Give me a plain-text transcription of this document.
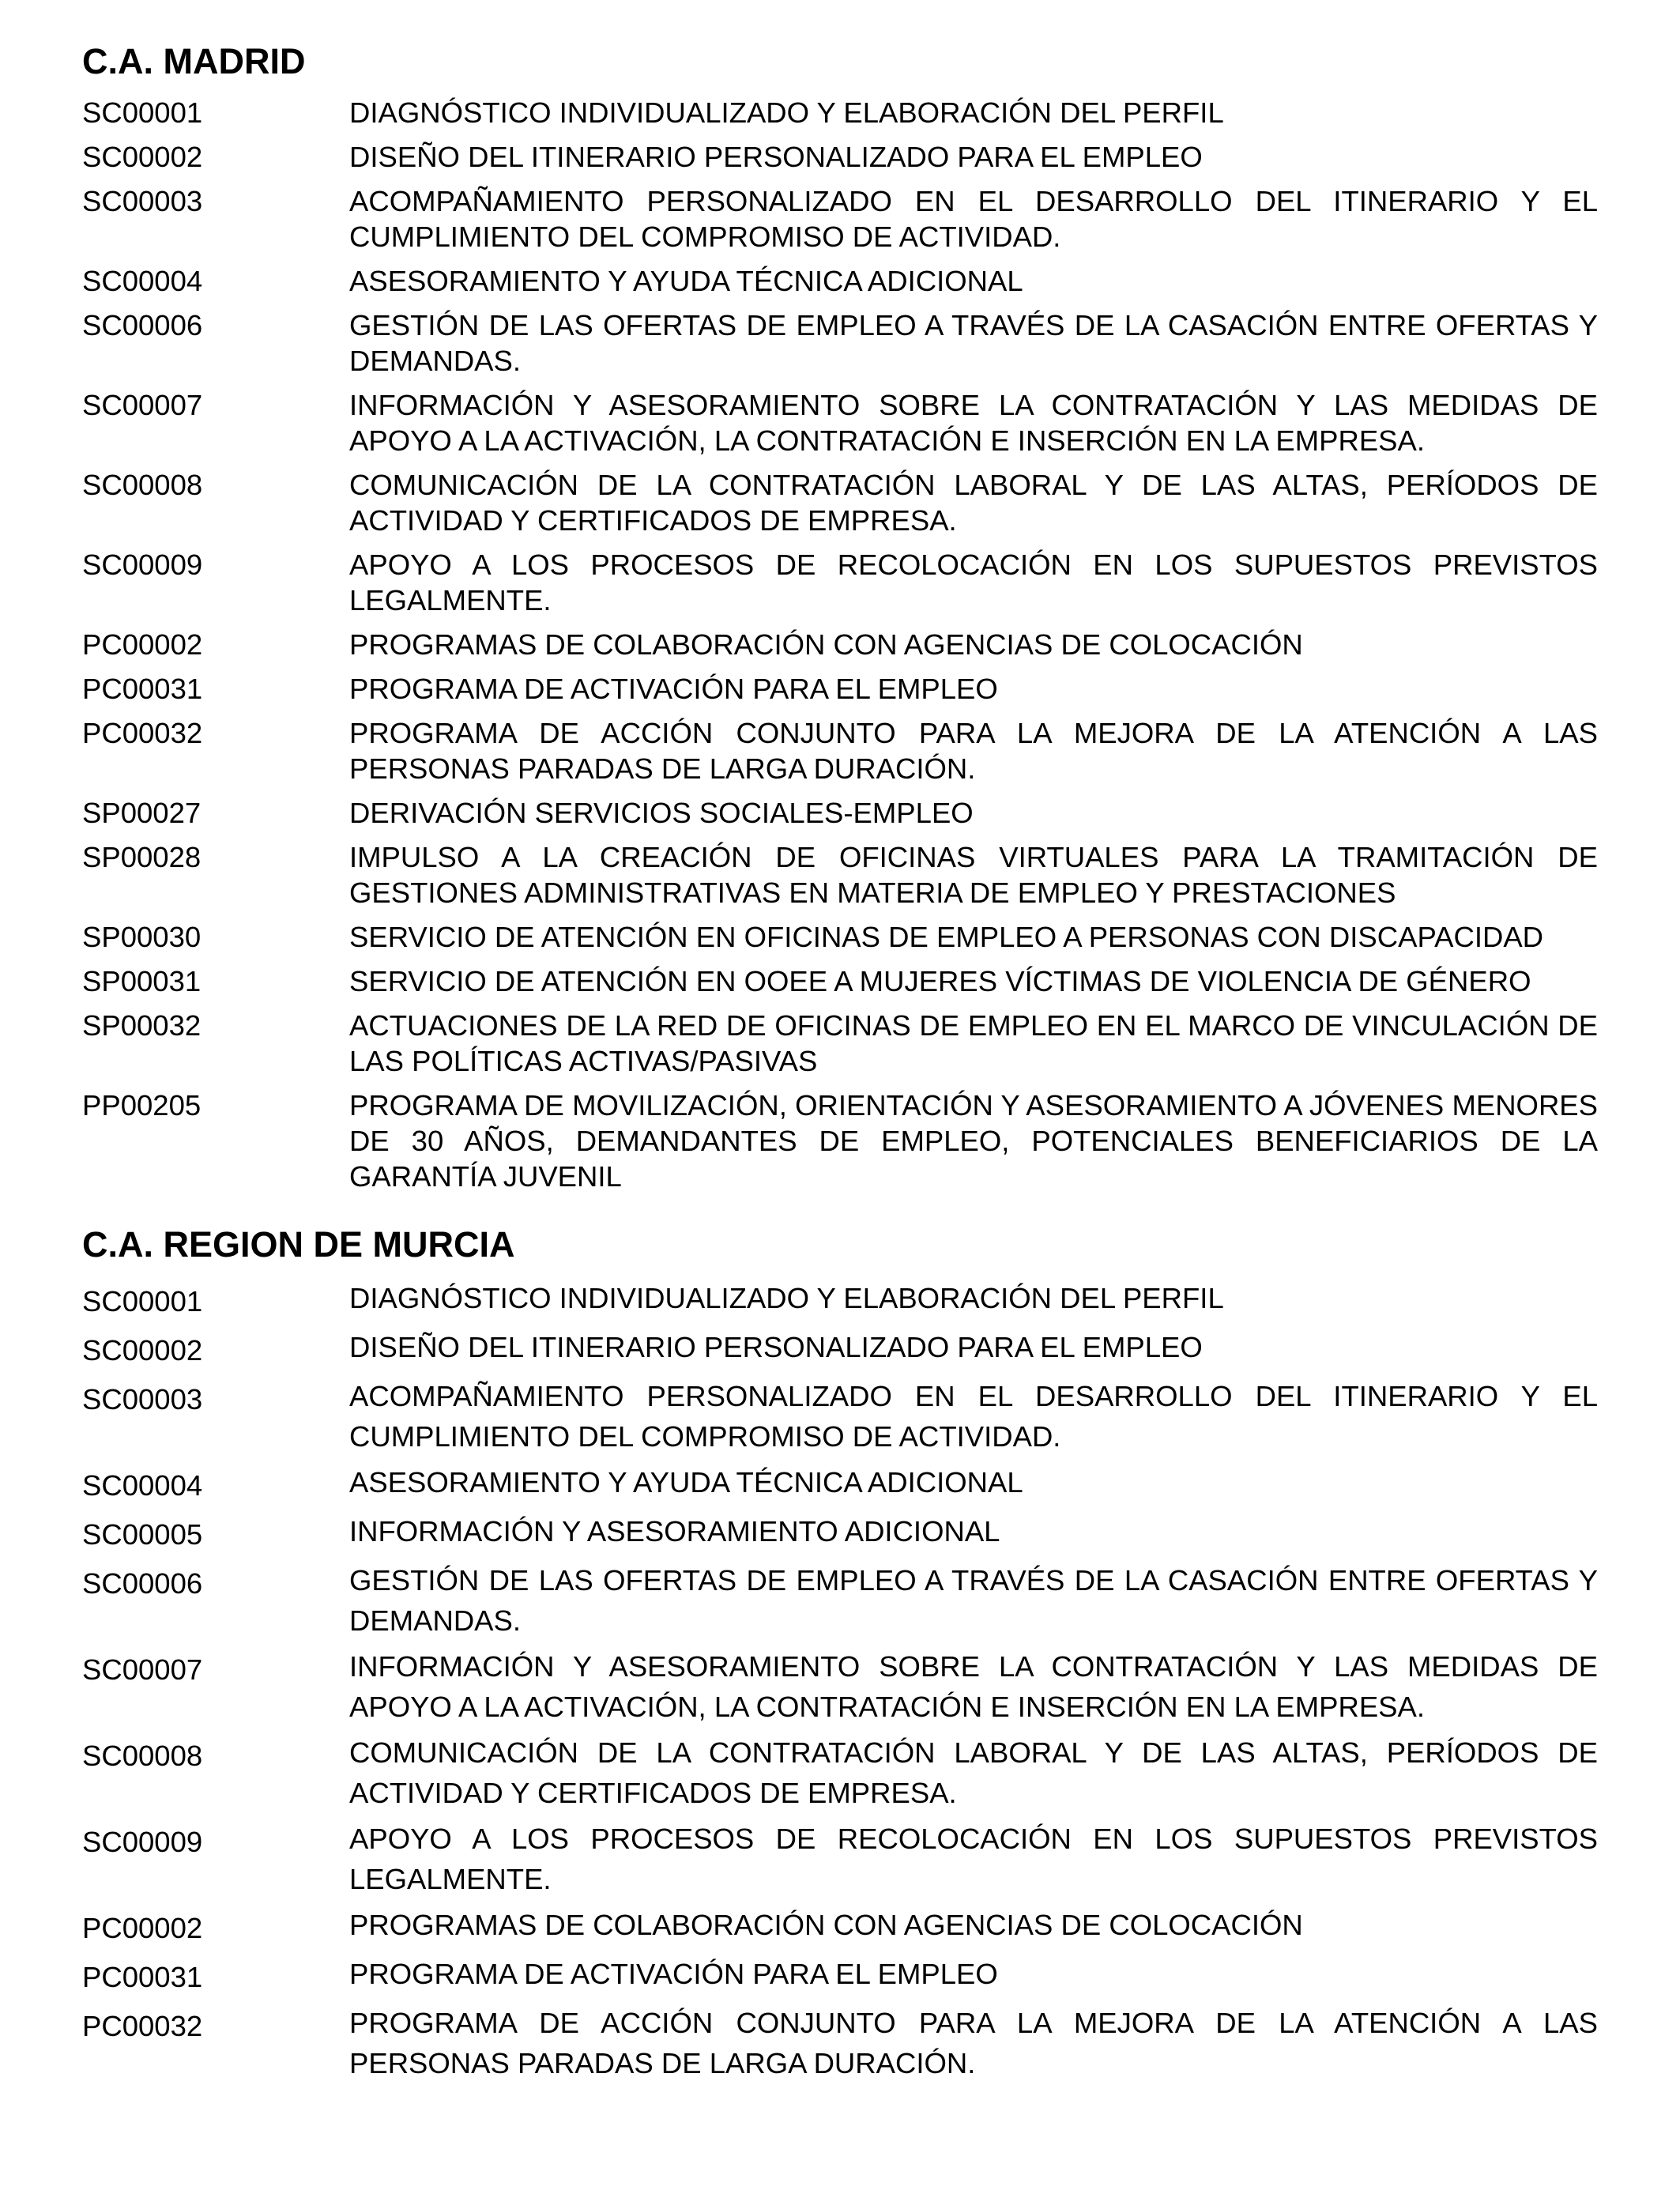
C.A. MADRID
SC00001	DIAGNÓSTICO INDIVIDUALIZADO Y ELABORACIÓN DEL PERFIL
SC00002	DISEÑO DEL ITINERARIO PERSONALIZADO PARA EL EMPLEO
SC00003	ACOMPAÑAMIENTO PERSONALIZADO EN EL DESARROLLO DEL ITINERARIO Y EL CUMPLIMIENTO DEL COMPROMISO DE ACTIVIDAD.
SC00004	ASESORAMIENTO Y AYUDA TÉCNICA ADICIONAL
SC00006	GESTIÓN DE LAS OFERTAS DE EMPLEO A TRAVÉS DE LA CASACIÓN ENTRE OFERTAS Y DEMANDAS.
SC00007	INFORMACIÓN Y ASESORAMIENTO SOBRE LA CONTRATACIÓN Y LAS MEDIDAS DE APOYO A LA ACTIVACIÓN, LA CONTRATACIÓN E INSERCIÓN EN LA EMPRESA.
SC00008	COMUNICACIÓN DE LA CONTRATACIÓN LABORAL Y DE LAS ALTAS, PERÍODOS DE ACTIVIDAD Y CERTIFICADOS DE EMPRESA.
SC00009	APOYO A LOS PROCESOS DE RECOLOCACIÓN EN LOS SUPUESTOS PREVISTOS LEGALMENTE.
PC00002	PROGRAMAS DE COLABORACIÓN CON AGENCIAS DE COLOCACIÓN
PC00031	PROGRAMA DE ACTIVACIÓN PARA EL EMPLEO
PC00032	PROGRAMA DE ACCIÓN CONJUNTO PARA LA MEJORA DE LA ATENCIÓN A LAS PERSONAS PARADAS DE LARGA DURACIÓN.
SP00027	DERIVACIÓN SERVICIOS SOCIALES-EMPLEO
SP00028	IMPULSO A LA CREACIÓN DE OFICINAS VIRTUALES PARA LA TRAMITACIÓN DE GESTIONES ADMINISTRATIVAS EN MATERIA DE EMPLEO Y PRESTACIONES
SP00030	SERVICIO DE ATENCIÓN EN OFICINAS DE EMPLEO A PERSONAS CON DISCAPACIDAD
SP00031	SERVICIO DE ATENCIÓN EN OOEE A MUJERES VÍCTIMAS DE VIOLENCIA DE GÉNERO
SP00032	ACTUACIONES DE LA RED DE OFICINAS DE EMPLEO EN EL MARCO DE VINCULACIÓN DE LAS POLÍTICAS ACTIVAS/PASIVAS
PP00205	PROGRAMA DE MOVILIZACIÓN, ORIENTACIÓN Y ASESORAMIENTO A JÓVENES MENORES DE 30 AÑOS, DEMANDANTES DE EMPLEO, POTENCIALES BENEFICIARIOS DE LA GARANTÍA JUVENIL
C.A. REGION DE MURCIA
SC00001	DIAGNÓSTICO INDIVIDUALIZADO Y ELABORACIÓN DEL PERFIL
SC00002	DISEÑO DEL ITINERARIO PERSONALIZADO PARA EL EMPLEO
SC00003	ACOMPAÑAMIENTO PERSONALIZADO EN EL DESARROLLO DEL ITINERARIO Y EL CUMPLIMIENTO DEL COMPROMISO DE ACTIVIDAD.
SC00004	ASESORAMIENTO Y AYUDA TÉCNICA ADICIONAL
SC00005	INFORMACIÓN Y ASESORAMIENTO ADICIONAL
SC00006	GESTIÓN DE LAS OFERTAS DE EMPLEO A TRAVÉS DE LA CASACIÓN ENTRE OFERTAS Y DEMANDAS.
SC00007	INFORMACIÓN Y ASESORAMIENTO SOBRE LA CONTRATACIÓN Y LAS MEDIDAS DE APOYO A LA ACTIVACIÓN, LA CONTRATACIÓN E INSERCIÓN EN LA EMPRESA.
SC00008	COMUNICACIÓN DE LA CONTRATACIÓN LABORAL Y DE LAS ALTAS, PERÍODOS DE ACTIVIDAD Y CERTIFICADOS DE EMPRESA.
SC00009	APOYO A LOS PROCESOS DE RECOLOCACIÓN EN LOS SUPUESTOS PREVISTOS LEGALMENTE.
PC00002	PROGRAMAS DE COLABORACIÓN CON AGENCIAS DE COLOCACIÓN
PC00031	PROGRAMA DE ACTIVACIÓN PARA EL EMPLEO
PC00032	PROGRAMA DE ACCIÓN CONJUNTO PARA LA MEJORA DE LA ATENCIÓN A LAS PERSONAS PARADAS DE LARGA DURACIÓN.
